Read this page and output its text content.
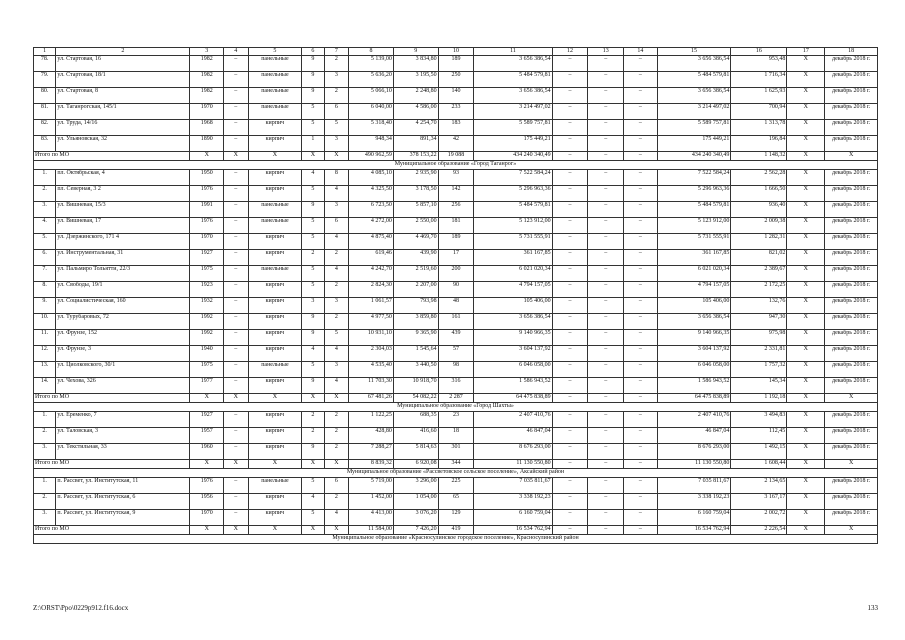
1	2	3	4	5	6	7	8	9	10	11	12	13	14	15	16	17	18
78.	ул. Стартовая, 16	1982	–	панельные	9	2	5 139,00	3 834,80	189	3 656 386,54	–	–	–	3 656 386,54	953,48	X	декабрь 2018 г.

79.	ул. Стартовая, 18/1	1982	–	панельные	9	3	5 636,20	3 195,50	250	5 484 579,81	–	–	–	5 484 579,81	1 716,34	X	декабрь 2018 г.

80.	ул. Стартовая, 8	1982	–	панельные	9	2	5 066,10	2 248,80	140	3 656 386,54	–	–	–	3 656 386,54	1 625,93	X	декабрь 2018 г.

81.	ул. Таганрогская, 145/1	1970	–	панельные	5	6	6 040,00	4 586,00	233	3 214 497,02	–	–	–	3 214 497,02	700,94	X	декабрь 2018 г.

82.	ул. Труда, 14/16	1968	–	кирпич	5	5	5 318,40	4 254,70	183	5 589 757,81	–	–	–	5 589 757,81	1 313,78	X	декабрь 2018 г.

83.	ул. Ульяновская, 32	1890	–	кирпич	1	3	948,34	891,34	42	175 449,21	–	–	–	175 449,21	196,84	X	декабрь 2018 г.

Итого по МО		X	X	X	X	X	490 962,59	378 153,22	19 088	434 240 340,49	–	–	–	434 240 340,49	1 148,32	X	X
Муниципальное образование «Город Таганрог»																	
1.	пл. Октябрьская, 4	1950	–	кирпич	4	8	4 085,10	2 935,90	93	7 522 584,24	–	–	–	7 522 584,24	2 562,28	X	декабрь 2018 г.

2.	пл. Северная, 3 2	1976	–	кирпич	5	4	4 325,50	3 178,50	142	5 296 963,36	–	–	–	5 296 963,36	1 666,50	X	декабрь 2018 г.

3.	ул. Вишневая, 15/3	1991	–	панельные	9	3	6 723,50	5 857,10	256	5 484 579,81	–	–	–	5 484 579,81	936,40	X	декабрь 2018 г.

4.	ул. Вишневая, 17	1976	–	панельные	5	6	4 272,00	2 550,00	181	5 123 912,00	–	–	–	5 123 912,00	2 009,38	X	декабрь 2018 г.

5.	ул. Дзержинского, 171 4	1970	–	кирпич	5	4	4 875,40	4 469,70	189	5 731 555,91	–	–	–	5 731 555,91	1 282,31	X	декабрь 2018 г.

6.	ул. Инструментальная, 31	1927	–	кирпич	2	2	619,46	439,90	17	361 167,85	–	–	–	361 167,85	821,02	X	декабрь 2018 г.

7.	ул. Пальмиро Тольятти, 22/3	1975	–	панельные	5	4	4 242,70	2 519,60	200	6 021 020,34	–	–	–	6 021 020,34	2 389,67	X	декабрь 2018 г.

8.	ул. Свободы, 19/1	1923	–	кирпич	5	2	2 824,30	2 207,00	90	4 794 157,05	–	–	–	4 794 157,05	2 172,25	X	декабрь 2018 г.

9.	ул. Социалистическая, 160	1932	–	кирпич	3	3	1 061,57	793,98	48	105 406,00	–	–	–	105 406,00	132,76	X	декабрь 2018 г.

10.	ул. Турубаровых, 72	1992	–	кирпич	9	2	4 977,50	3 859,80	161	3 656 386,54	–	–	–	3 656 386,54	947,30	X	декабрь 2018 г.

11.	ул. Фрунзе, 152	1992	–	кирпич	9	5	10 931,10	9 365,90	439	9 140 966,35	–	–	–	9 140 966,35	975,98	X	декабрь 2018 г.

12.	ул. Фрунзе, 3	1940	–	кирпич	4	4	2 304,03	1 545,64	57	3 604 137,92	–	–	–	3 604 137,92	2 331,81	X	декабрь 2018 г.

13.	ул. Циолковского, 30/1	1975	–	панельные	5	3	4 535,40	3 440,50	98	6 046 058,00	–	–	–	6 046 058,00	1 757,32	X	декабрь 2018 г.

14.	ул. Чехова, 326	1977	–	кирпич	9	4	11 703,30	10 918,70	316	1 586 943,52	–	–	–	1 586 943,52	145,34	X	декабрь 2018 г.

Итого по МО		X	X	X	X	X	67 481,26	54 082,22	2 287	64 475 838,89	–	–	–	64 475 838,89	1 192,18	X	X
Муниципальное образование «Город Шахты»																	
1.	ул. Еременко, 7	1927	–	кирпич	2	2	1 122,25	688,35	23	2 407 410,76	–	–	–	2 407 410,76	3 494,83	X	декабрь 2018 г.

2.	ул. Таловская, 3	1957	–	кирпич	2	2	428,80	416,60	18	46 847,04	–	–	–	46 847,04	112,45	X	декабрь 2018 г.

3.	ул. Текстильная, 33	1960	–	кирпич	9	2	7 288,27	5 814,63	301	8 676 293,00	–	–	–	8 676 293,00	1 492,15	X	декабрь 2018 г.

Итого по МО		X	X	X	X	X	8 839,32	6 920,08	344	11 130 550,80	–	–	–	11 130 550,80	1 608,44	X	X
Муниципальное образование «Рассветовское сельское поселение», Аксайский район																	
1.	п. Рассвет, ул. Институтская, 11	1976	–	панельные	5	6	5 719,00	3 296,00	225	7 035 811,67	–	–	–	7 035 811,67	2 134,65	X	декабрь 2018 г.

2.	п. Рассвет, ул. Институтская, 6	1956	–	кирпич	4	2	1 452,00	1 054,00	65	3 338 192,23	–	–	–	3 338 192,23	3 167,17	X	декабрь 2018 г.

3.	п. Рассвет, ул. Институтская, 9	1970	–	кирпич	5	4	4 413,00	3 076,20	129	6 160 759,04	–	–	–	6 160 759,04	2 002,72	X	декабрь 2018 г.

Итого по МО		X	X	X	X	X	11 584,00	7 426,20	419	16 534 762,94	–	–	–	16 534 762,94	2 226,54	X	X
Муниципальное образование «Красносулинское городское поселение», Красносулинский район																	
Z:\ORST\Ppo\0229p912.f16.docx	133
